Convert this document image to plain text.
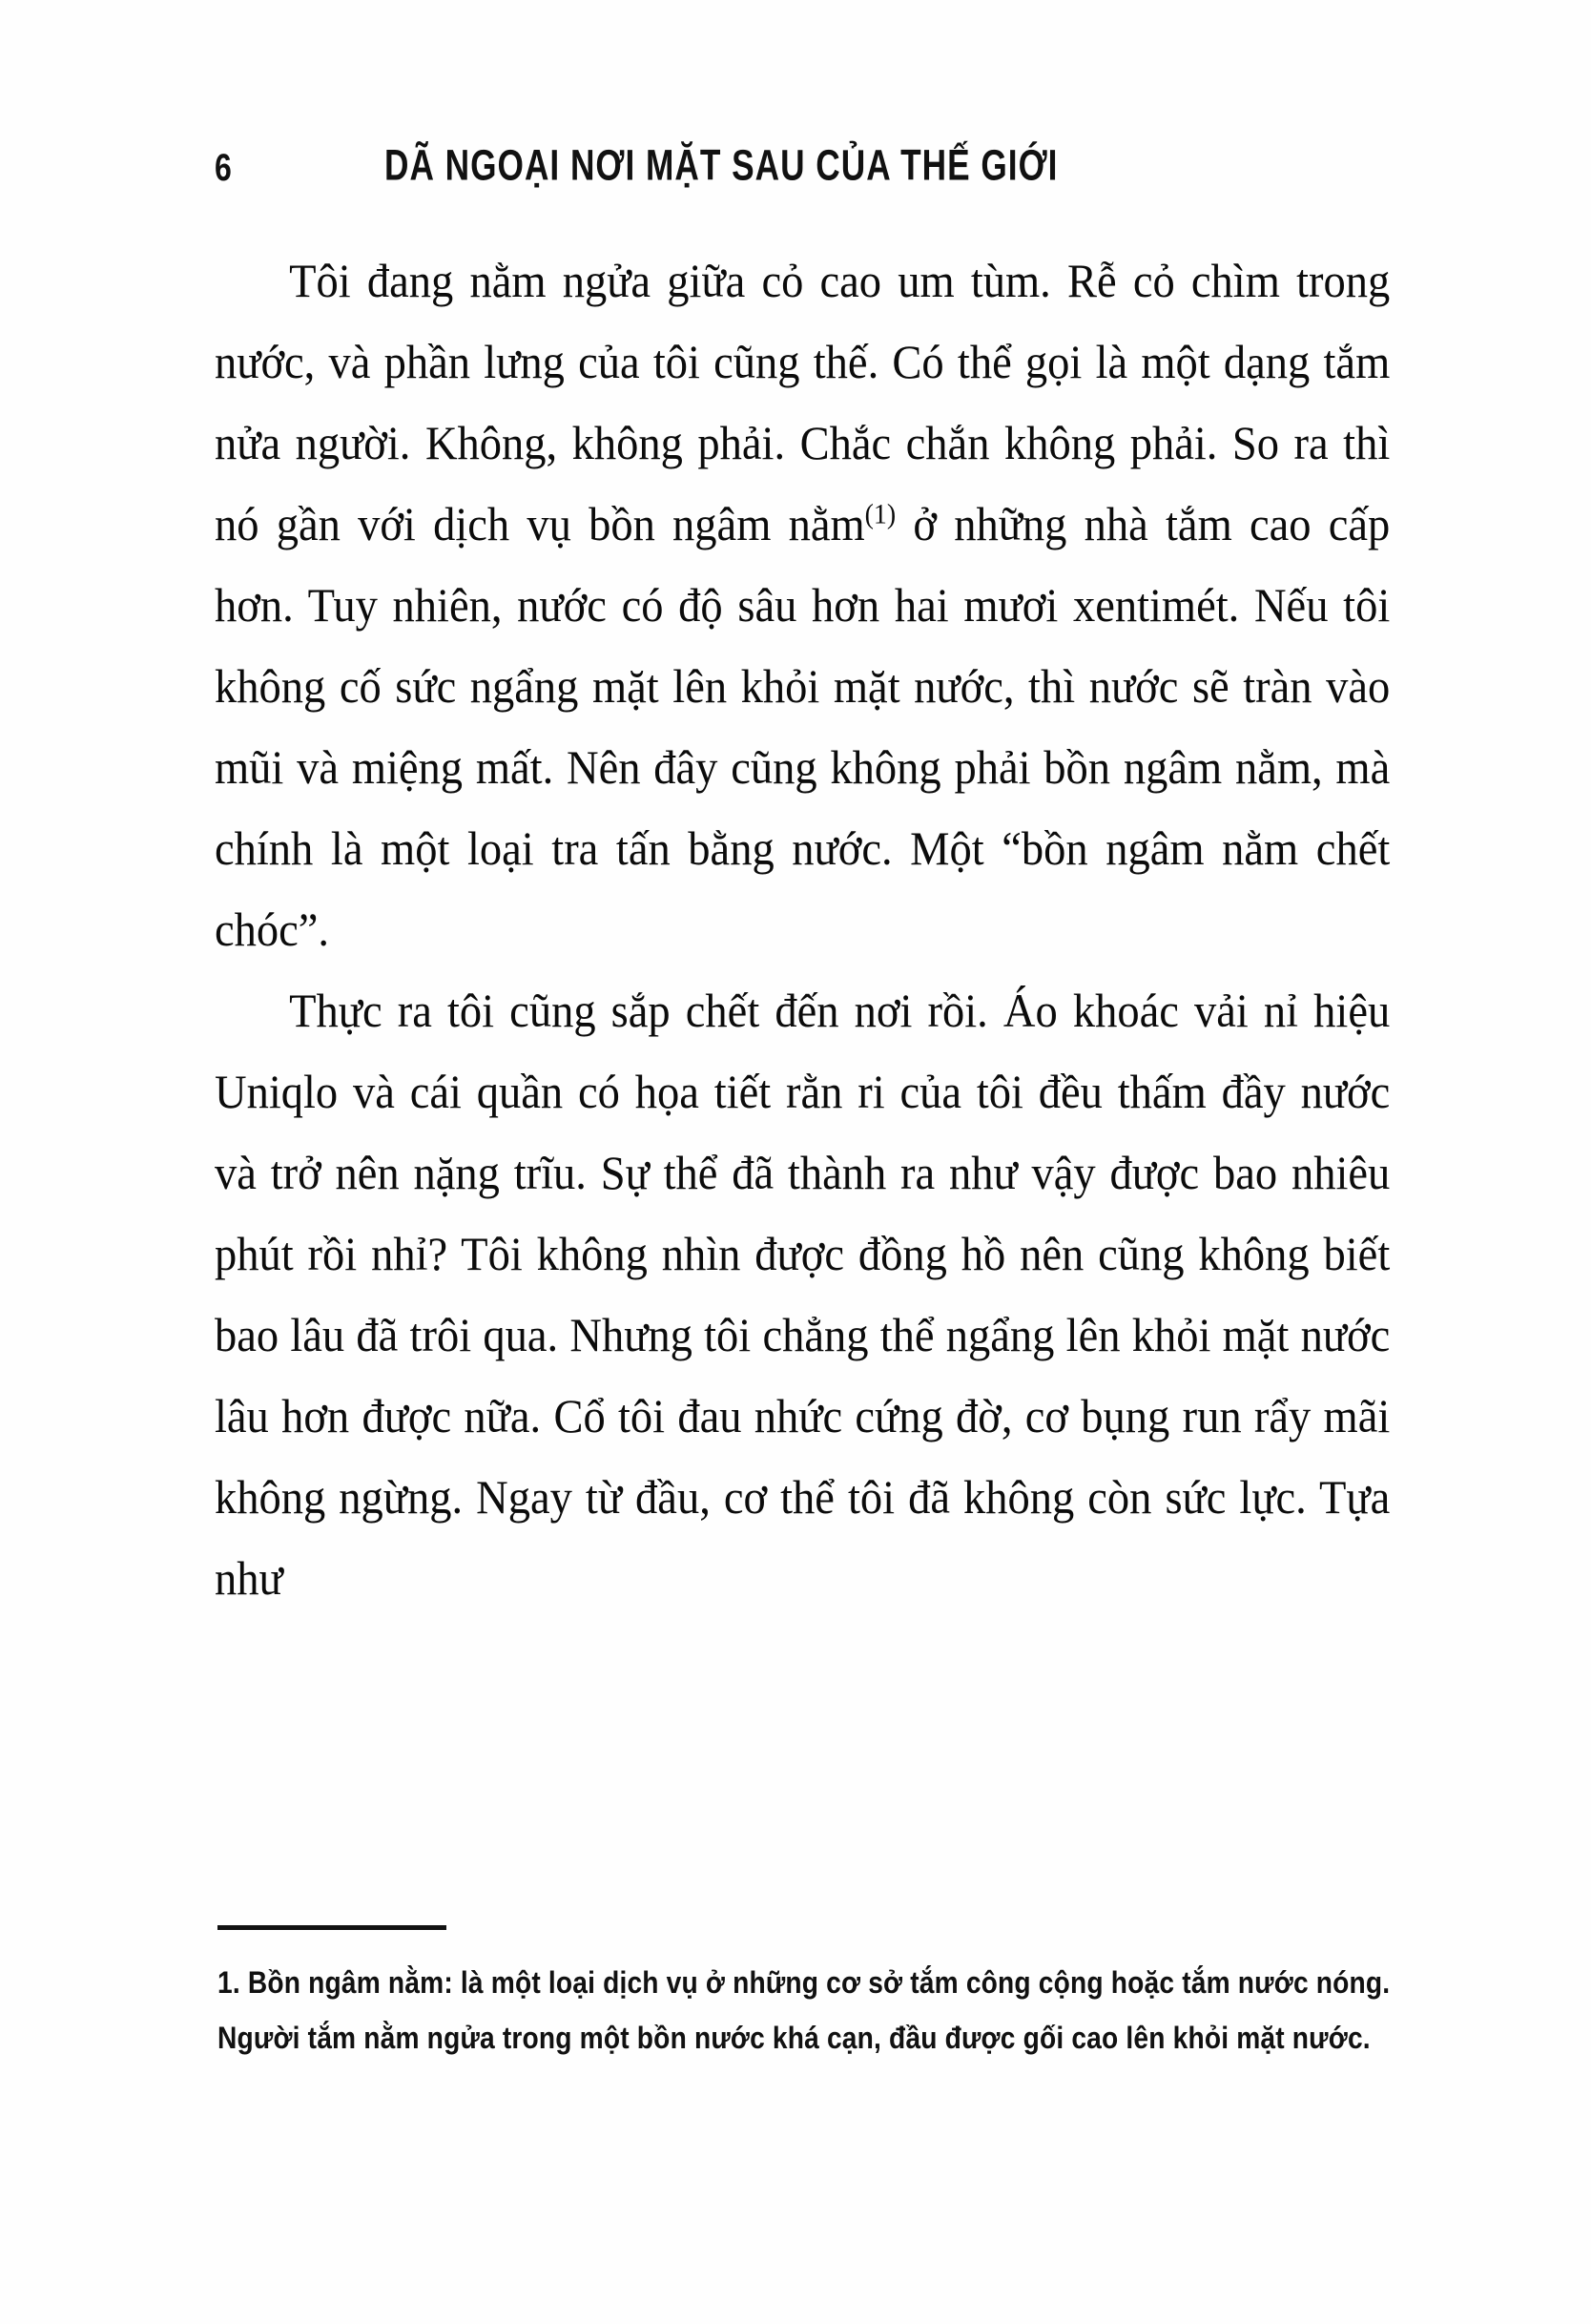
6	DÃ NGOẠI NƠI MẶT SAU CỦA THẾ GIỚI

Tôi đang nằm ngửa giữa cỏ cao um tùm. Rễ cỏ chìm trong nước, và phần lưng của tôi cũng thế. Có thể gọi là một dạng tắm nửa người. Không, không phải. Chắc chắn không phải. So ra thì nó gần với dịch vụ bồn ngâm nằm$^{(1)}$ ở những nhà tắm cao cấp hơn. Tuy nhiên, nước có độ sâu hơn hai mươi xentimét. Nếu tôi không cố sức ngẩng mặt lên khỏi mặt nước, thì nước sẽ tràn vào mũi và miệng mất. Nên đây cũng không phải bồn ngâm nằm, mà chính là một loại tra tấn bằng nước. Một “bồn ngâm nằm chết chóc”.

Thực ra tôi cũng sắp chết đến nơi rồi. Áo khoác vải nỉ hiệu Uniqlo và cái quần có họa tiết rằn ri của tôi đều thấm đầy nước và trở nên nặng trĩu. Sự thể đã thành ra như vậy được bao nhiêu phút rồi nhỉ? Tôi không nhìn được đồng hồ nên cũng không biết bao lâu đã trôi qua. Nhưng tôi chẳng thể ngẩng lên khỏi mặt nước lâu hơn được nữa. Cổ tôi đau nhức cứng đờ, cơ bụng run rẩy mãi không ngừng. Ngay từ đầu, cơ thể tôi đã không còn sức lực. Tựa như

1. Bồn ngâm nằm: là một loại dịch vụ ở những cơ sở tắm công cộng hoặc tắm nước nóng. Người tắm nằm ngửa trong một bồn nước khá cạn, đầu được gối cao lên khỏi mặt nước.
